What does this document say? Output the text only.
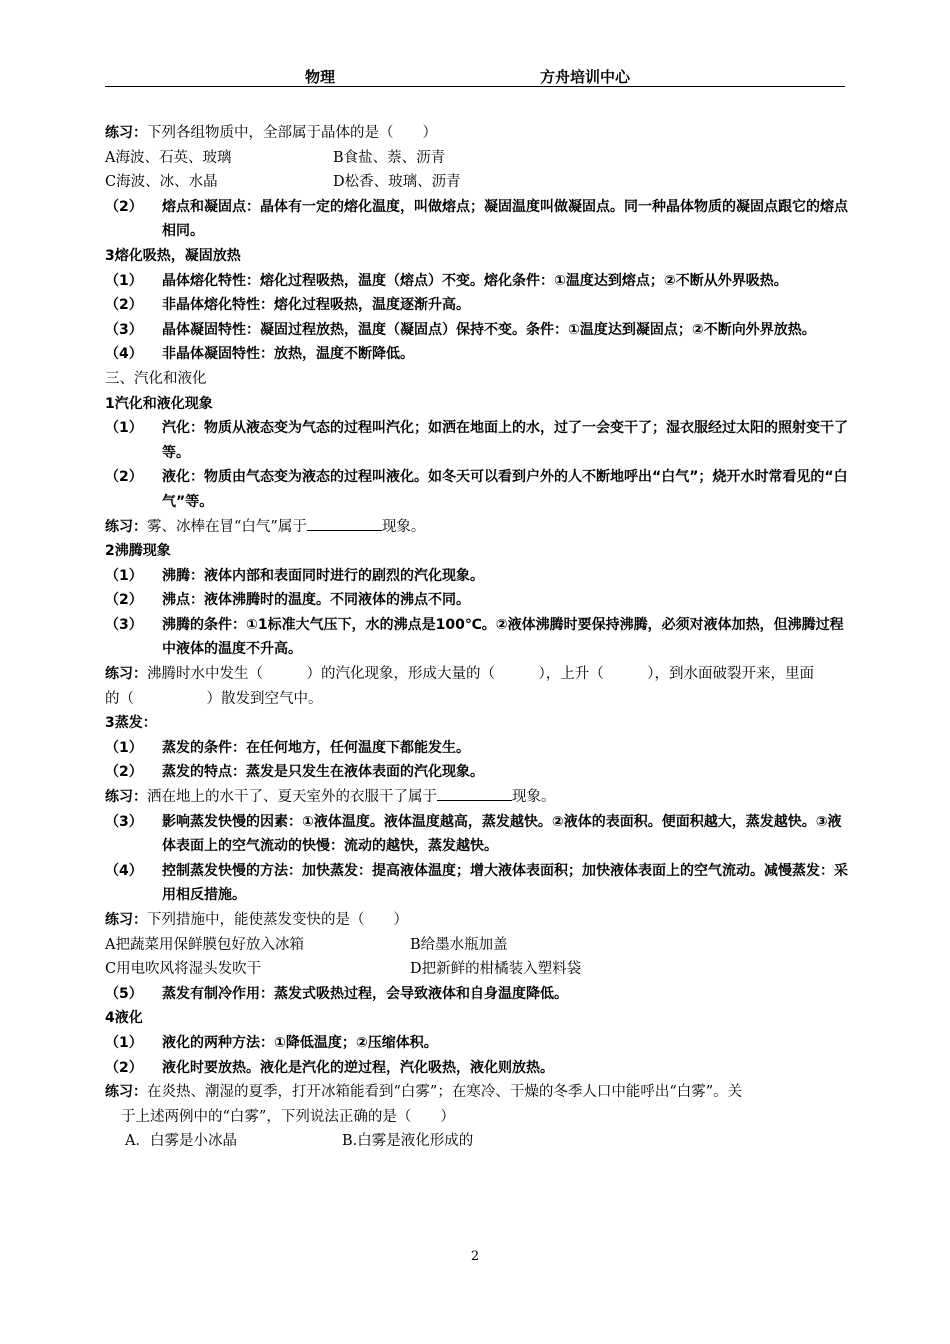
物理	方舟培训中心
练习：下列各组物质中，全部属于晶体的是（　　）
A海波、石英、玻璃	B食盐、萘、沥青
C海波、冰、水晶	D松香、玻璃、沥青
（2） 熔点和凝固点：晶体有一定的熔化温度，叫做熔点；凝固温度叫做凝固点。同一种晶体物质的凝固点跟它的熔点相同。
3熔化吸热，凝固放热
（1） 晶体熔化特性：熔化过程吸热，温度（熔点）不变。熔化条件：①温度达到熔点；②不断从外界吸热。
（2） 非晶体熔化特性：熔化过程吸热，温度逐渐升高。
（3） 晶体凝固特性：凝固过程放热，温度（凝固点）保持不变。条件：①温度达到凝固点；②不断向外界放热。
（4） 非晶体凝固特性：放热，温度不断降低。
三、汽化和液化
1汽化和液化现象
（1） 汽化：物质从液态变为气态的过程叫汽化；如洒在地面上的水，过了一会变干了；湿衣服经过太阳的照射变干了等。
（2） 液化：物质由气态变为液态的过程叫液化。如冬天可以看到户外的人不断地呼出“白气”；烧开水时常看见的“白气”等。
练习：雾、冰棒在冒“白气”属于	现象。
2沸腾现象
（1） 沸腾：液体内部和表面同时进行的剧烈的汽化现象。
（2） 沸点：液体沸腾时的温度。不同液体的沸点不同。
（3） 沸腾的条件：①1标准大气压下，水的沸点是100℃。②液体沸腾时要保持沸腾，必须对液体加热，但沸腾过程中液体的温度不升高。
练习：沸腾时水中发生（　　　）的汽化现象，形成大量的（　　　），上升（　　　），到水面破裂开来，里面
的（　　　　　）散发到空气中。
3蒸发：
（1） 蒸发的条件：在任何地方，任何温度下都能发生。
（2） 蒸发的特点：蒸发是只发生在液体表面的汽化现象。
练习：洒在地上的水干了、夏天室外的衣服干了属于	现象。
（3） 影响蒸发快慢的因素：①液体温度。液体温度越高，蒸发越快。②液体的表面积。便面积越大，蒸发越快。③液体表面上的空气流动的快慢：流动的越快，蒸发越快。
（4） 控制蒸发快慢的方法：加快蒸发：提高液体温度；增大液体表面积；加快液体表面上的空气流动。减慢蒸发：采用相反措施。
练习：下列措施中，能使蒸发变快的是（　　）
A把蔬菜用保鲜膜包好放入冰箱	B给墨水瓶加盖
C用电吹风将湿头发吹干	D把新鲜的柑橘装入塑料袋
（5） 蒸发有制冷作用：蒸发式吸热过程，会导致液体和自身温度降低。
4液化
（1） 液化的两种方法：①降低温度；②压缩体积。
（2） 液化时要放热。液化是汽化的逆过程，汽化吸热，液化则放热。
练习：在炎热、潮湿的夏季，打开冰箱能看到“白雾”；在寒冷、干燥的冬季人口中能呼出“白雾”。关
于上述两例中的“白雾”，下列说法正确的是（　　）
A．白雾是小冰晶	B.白雾是液化形成的
2
